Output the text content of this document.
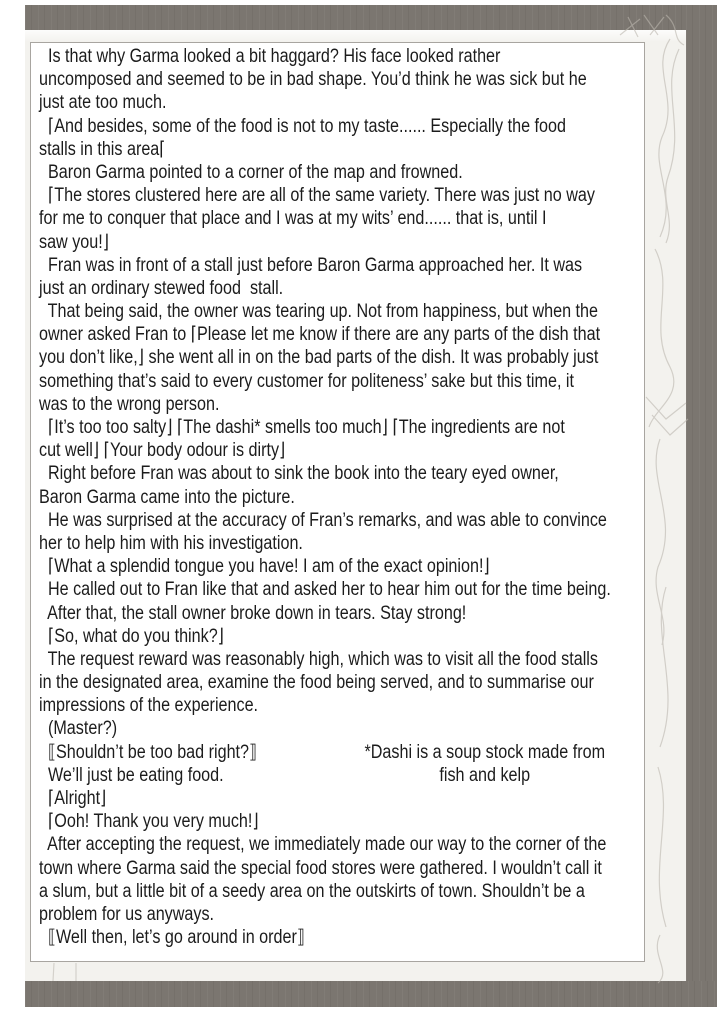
Is that why Garma looked a bit haggard? His face looked rather
uncomposed and seemed to be in bad shape. You’d think he was sick but he
just ate too much.
⌈And besides, some of the food is not to my taste...... Especially the food
stalls in this area⌈
Baron Garma pointed to a corner of the map and frowned.
⌈The stores clustered here are all of the same variety. There was just no way
for me to conquer that place and I was at my wits’ end...... that is, until I
saw you!⌋
Fran was in front of a stall just before Baron Garma approached her. It was
just an ordinary stewed food  stall.
That being said, the owner was tearing up. Not from happiness, but when the
owner asked Fran to ⌈Please let me know if there are any parts of the dish that
you don’t like,⌋ she went all in on the bad parts of the dish. It was probably just
something that’s said to every customer for politeness’ sake but this time, it
was to the wrong person.
⌈It’s too too salty⌋ ⌈The dashi* smells too much⌋ ⌈The ingredients are not
cut well⌋ ⌈Your body odour is dirty⌋
Right before Fran was about to sink the book into the teary eyed owner,
Baron Garma came into the picture.
He was surprised at the accuracy of Fran’s remarks, and was able to convince
her to help him with his investigation.
⌈What a splendid tongue you have! I am of the exact opinion!⌋
He called out to Fran like that and asked her to hear him out for the time being.
After that, the stall owner broke down in tears. Stay strong!
⌈So, what do you think?⌋
The request reward was reasonably high, which was to visit all the food stalls
in the designated area, examine the food being served, and to summarise our
impressions of the experience.
(Master?)
⟦Shouldn’t be too bad right?⟧
We’ll just be eating food.
⌈Alright⌋
⌈Ooh! Thank you very much!⌋
After accepting the request, we immediately made our way to the corner of the
town where Garma said the special food stores were gathered. I wouldn’t call it
a slum, but a little bit of a seedy area on the outskirts of town. Shouldn’t be a
problem for us anyways.
⟦Well then, let’s go around in order⟧
*Dashi is a soup stock made from
fish and kelp
